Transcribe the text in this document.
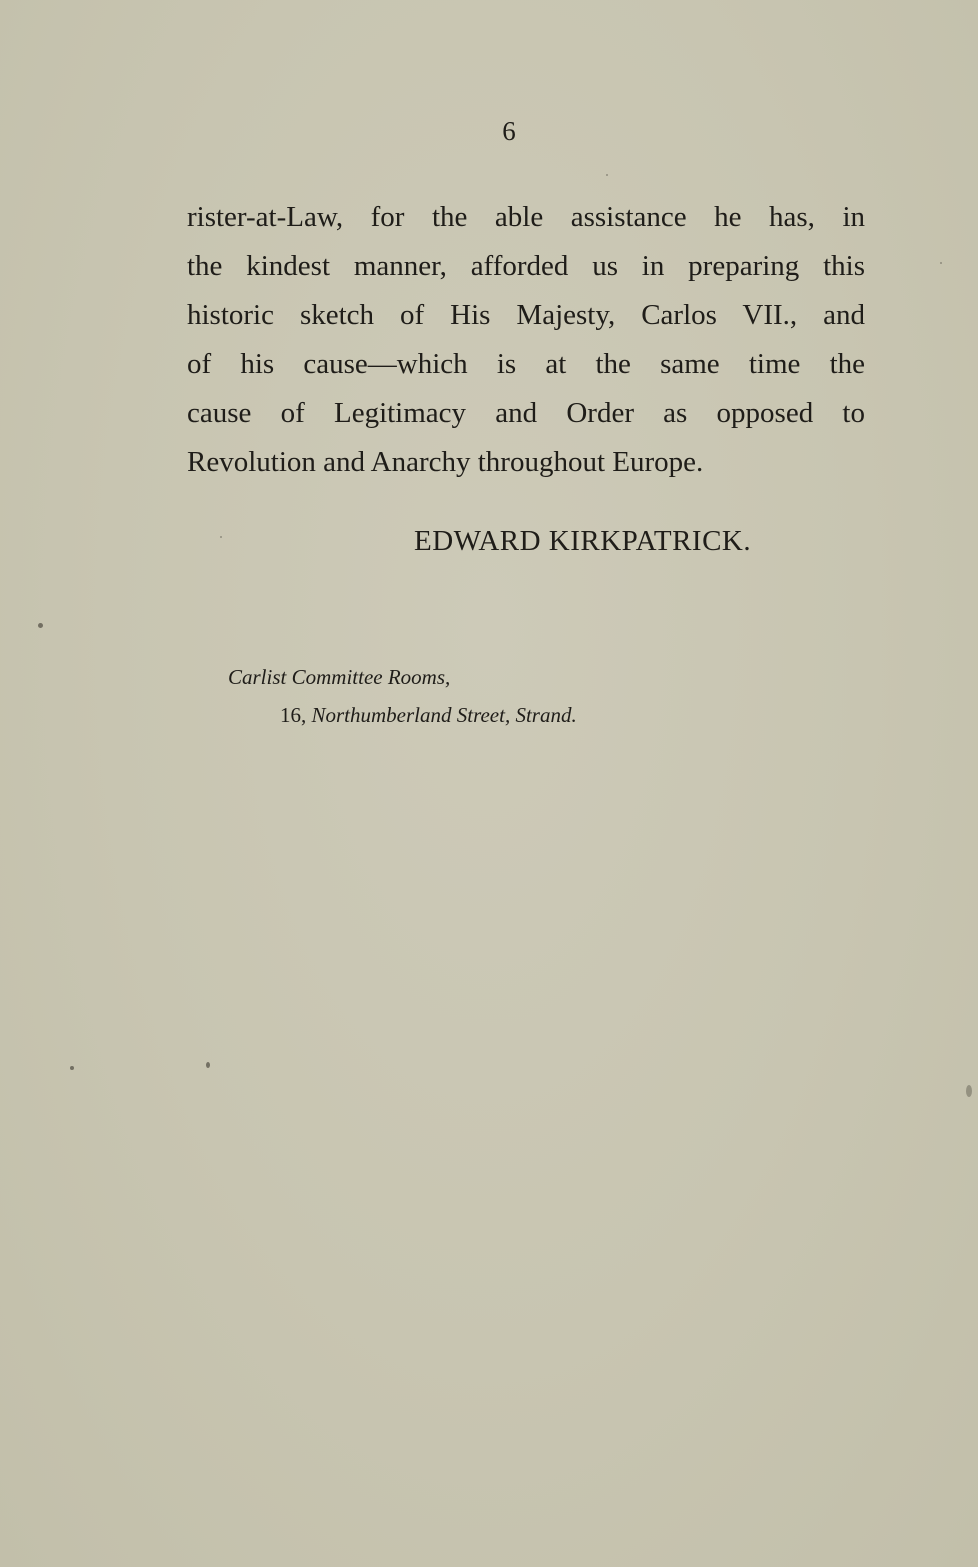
6
rister-at-Law, for the able assistance he has, in
the kindest manner, afforded us in preparing this
historic sketch of His Majesty, Carlos VII., and
of his cause—which is at the same time the
cause of Legitimacy and Order as opposed to
Revolution and Anarchy throughout Europe.
EDWARD KIRKPATRICK.
Carlist Committee Rooms,
16, Northumberland Street, Strand.
